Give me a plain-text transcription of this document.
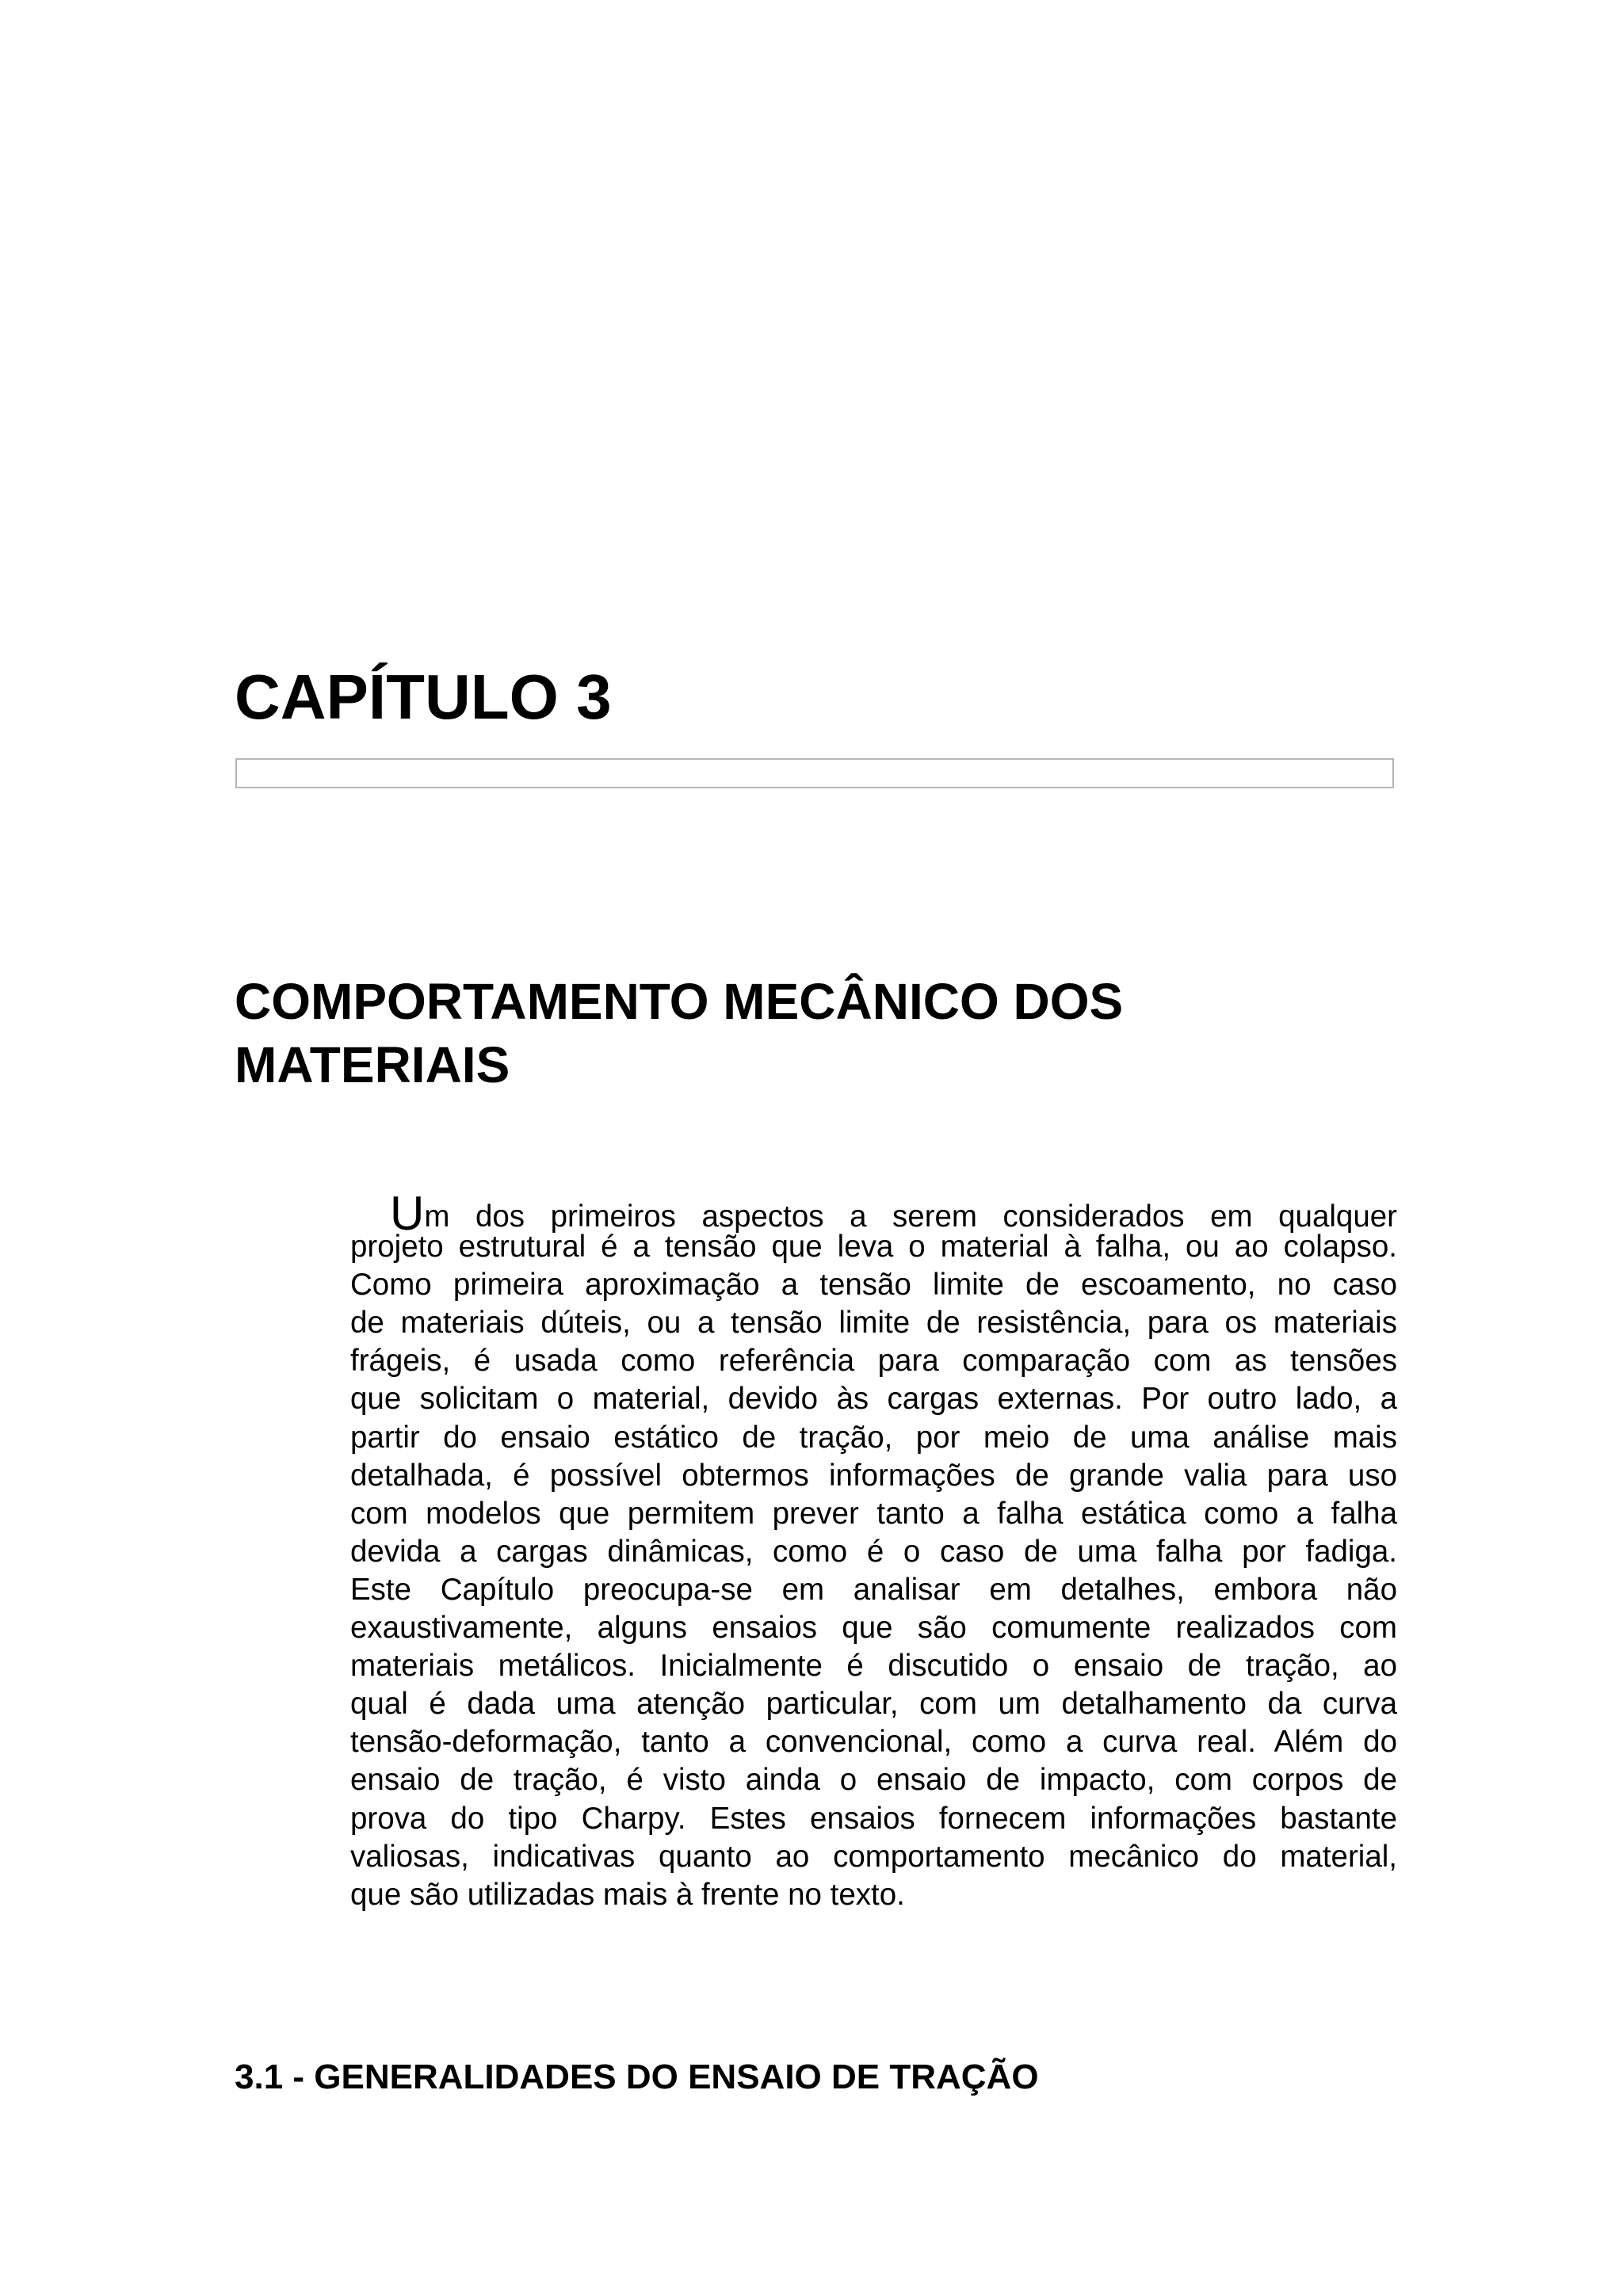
CAPÍTULO 3
COMPORTAMENTO MECÂNICO DOS
MATERIAIS
Um dos primeiros aspectos a serem considerados em qualquer
projeto estrutural é a tensão que leva o material à falha, ou ao colapso.
Como primeira aproximação a tensão limite de escoamento, no caso
de materiais dúteis, ou a tensão limite de resistência, para os materiais
frágeis, é usada como referência para comparação com as tensões
que solicitam o material, devido às cargas externas. Por outro lado, a
partir do ensaio estático de tração, por meio de uma análise mais
detalhada, é possível obtermos informações de grande valia para uso
com modelos que permitem prever tanto a falha estática como a falha
devida a cargas dinâmicas, como é o caso de uma falha por fadiga.
Este Capítulo preocupa-se em analisar em detalhes, embora não
exaustivamente, alguns ensaios que são comumente realizados com
materiais metálicos. Inicialmente é discutido o ensaio de tração, ao
qual é dada uma atenção particular, com um detalhamento da curva
tensão-deformação, tanto a convencional, como a curva real. Além do
ensaio de tração, é visto ainda o ensaio de impacto, com corpos de
prova do tipo Charpy. Estes ensaios fornecem informações bastante
valiosas, indicativas quanto ao comportamento mecânico do material,
que são utilizadas mais à frente no texto.
3.1 - GENERALIDADES DO ENSAIO DE TRAÇÃO
